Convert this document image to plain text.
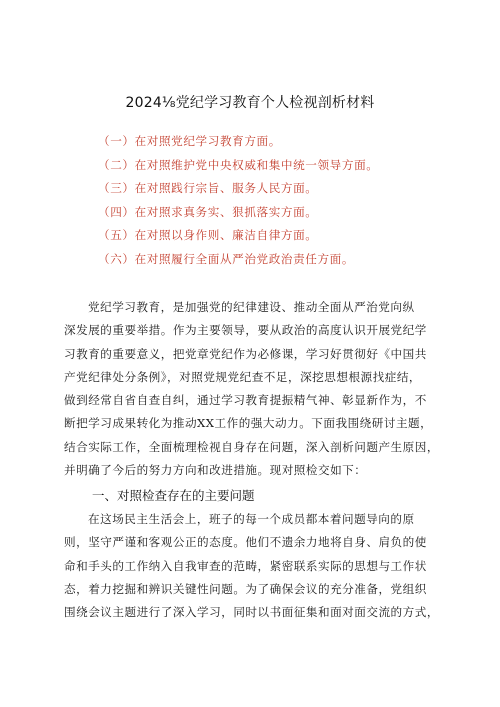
2024⅛党纪学习教育个人检视剖析材料
（一）在对照党纪学习教育方面。
（二）在对照维护党中央权威和集中统一领导方面。
（三）在对照践行宗旨、服务人民方面。
（四）在对照求真务实、狠抓落实方面。
（五）在对照以身作则、廉洁自律方面。
（六）在对照履行全面从严治党政治责任方面。

党纪学习教育，是加强党的纪律建设、推动全面从严治党向纵
深发展的重要举措。作为主要领导，要从政治的高度认识开展党纪学
习教育的重要意义，把党章党纪作为必修课，学习好贯彻好《中国共
产党纪律处分条例》，对照党规党纪查不足，深挖思想根源找症结，
做到经常自省自查自纠，通过学习教育提振精气神、彰显新作为，不
断把学习成果转化为推动XX工作的强大动力。下面我围绕研讨主题，
结合实际工作，全面梳理检视自身存在问题，深入剖析问题产生原因，
并明确了今后的努力方向和改进措施。现对照检交如下：

一、对照检查存在的主要问题

在这场民主生活会上，班子的每一个成员都本着问题导向的原
则，坚守严谨和客观公正的态度。他们不遗余力地将自身、肩负的使
命和手头的工作纳入自我审查的范畴，紧密联系实际的思想与工作状
态，着力挖掘和辨识关键性问题。为了确保会议的充分准备，党组织
围绕会议主题进行了深入学习，同时以书面征集和面对面交流的方式，
